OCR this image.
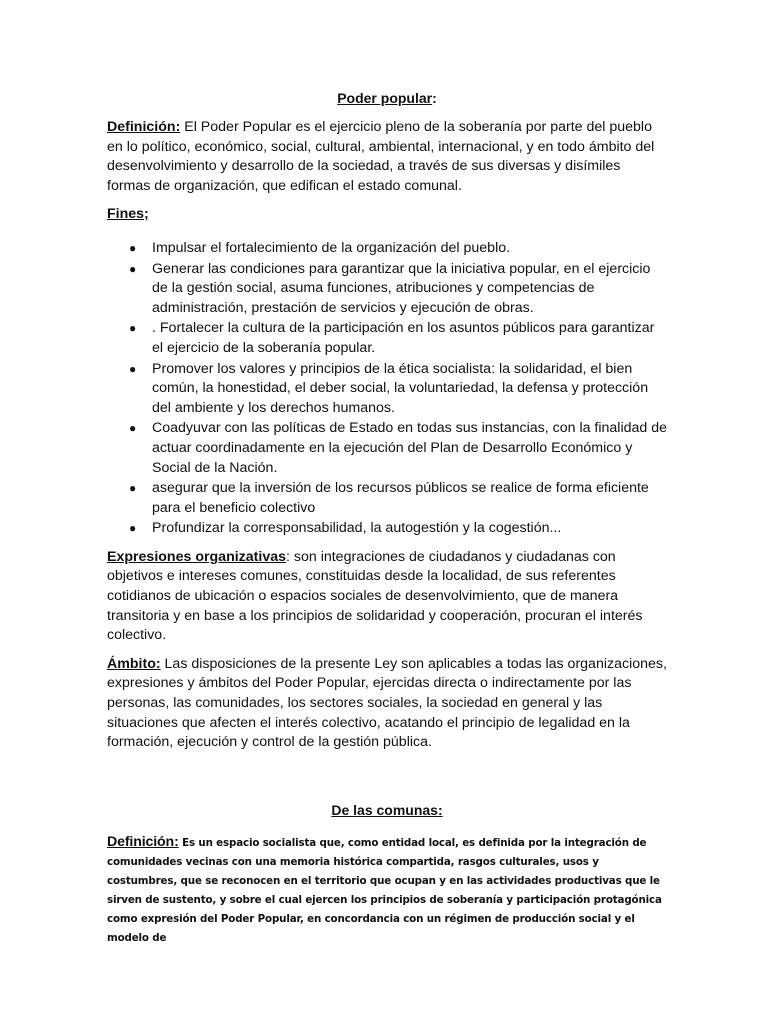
Poder popular:

Definición: El Poder Popular es el ejercicio pleno de la soberanía por parte del pueblo en lo político, económico, social, cultural, ambiental, internacional, y en todo ámbito del desenvolvimiento y desarrollo de la sociedad, a través de sus diversas y disímiles formas de organización, que edifican el estado comunal.

Fines;

● Impulsar el fortalecimiento de la organización del pueblo.
● Generar las condiciones para garantizar que la iniciativa popular, en el ejercicio de la gestión social, asuma funciones, atribuciones y competencias de administración, prestación de servicios y ejecución de obras.
● . Fortalecer la cultura de la participación en los asuntos públicos para garantizar el ejercicio de la soberanía popular.
● Promover los valores y principios de la ética socialista: la solidaridad, el bien común, la honestidad, el deber social, la voluntariedad, la defensa y protección del ambiente y los derechos humanos.
● Coadyuvar con las políticas de Estado en todas sus instancias, con la finalidad de actuar coordinadamente en la ejecución del Plan de Desarrollo Económico y Social de la Nación.
● asegurar que la inversión de los recursos públicos se realice de forma eficiente para el beneficio colectivo
● Profundizar la corresponsabilidad, la autogestión y la cogestión...

Expresiones organizativas: son integraciones de ciudadanos y ciudadanas con objetivos e intereses comunes, constituidas desde la localidad, de sus referentes cotidianos de ubicación o espacios sociales de desenvolvimiento, que de manera transitoria y en base a los principios de solidaridad y cooperación, procuran el interés colectivo.

Ámbito: Las disposiciones de la presente Ley son aplicables a todas las organizaciones, expresiones y ámbitos del Poder Popular, ejercidas directa o indirectamente por las personas, las comunidades, los sectores sociales, la sociedad en general y las situaciones que afecten el interés colectivo, acatando el principio de legalidad en la formación, ejecución y control de la gestión pública.

De las comunas:

Definición: Es un espacio socialista que, como entidad local, es definida por la integración de comunidades vecinas con una memoria histórica compartida, rasgos culturales, usos y costumbres, que se reconocen en el territorio que ocupan y en las actividades productivas que le sirven de sustento, y sobre el cual ejercen los principios de soberanía y participación protagónica como expresión del Poder Popular, en concordancia con un régimen de producción social y el modelo de
